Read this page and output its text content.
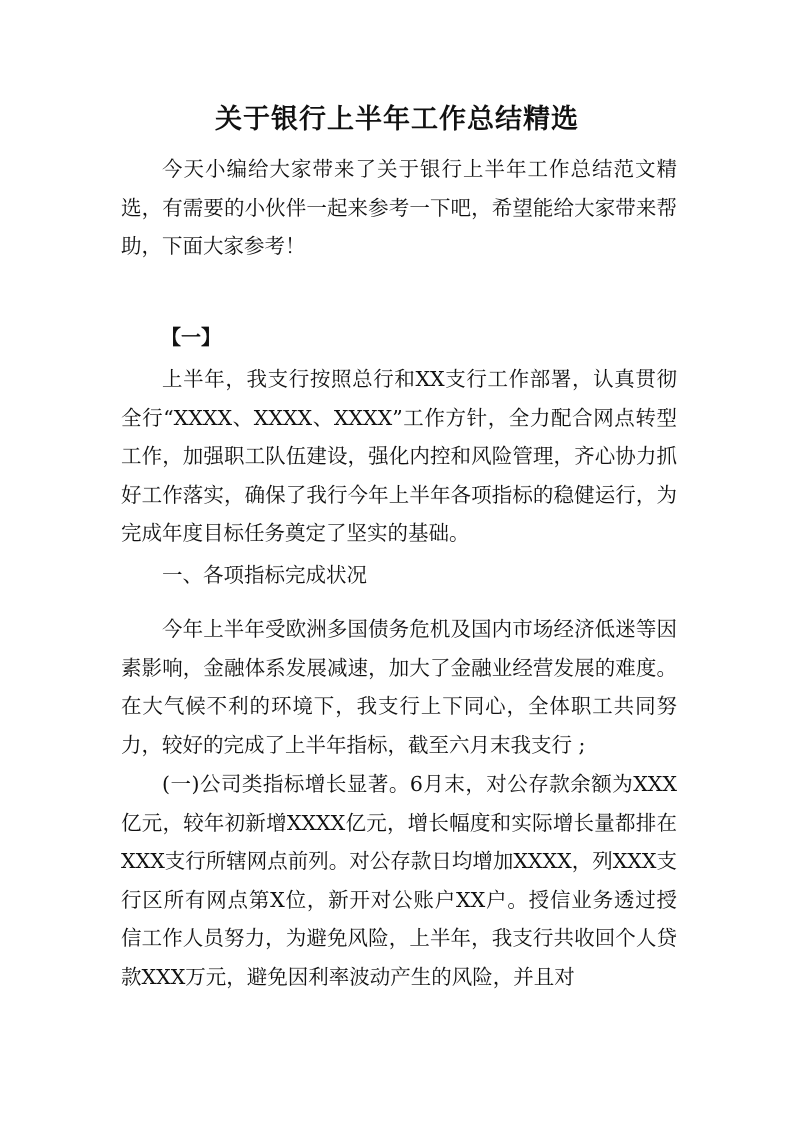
关于银行上半年工作总结精选

今天小编给大家带来了关于银行上半年工作总结范文精选，有需要的小伙伴一起来参考一下吧，希望能给大家带来帮助，下面大家参考！

【一】

上半年，我支行按照总行和XX支行工作部署，认真贯彻全行“XXXX、XXXX、XXXX”工作方针，全力配合网点转型工作，加强职工队伍建设，强化内控和风险管理，齐心协力抓好工作落实，确保了我行今年上半年各项指标的稳健运行，为完成年度目标任务奠定了坚实的基础。

一、各项指标完成状况

今年上半年受欧洲多国债务危机及国内市场经济低迷等因素影响，金融体系发展减速，加大了金融业经营发展的难度。在大气候不利的环境下，我支行上下同心，全体职工共同努力，较好的完成了上半年指标，截至六月末我支行 ;

(一)公司类指标增长显著。6月末，对公存款余额为XXX亿元，较年初新增XXXX亿元，增长幅度和实际增长量都排在XXX支行所辖网点前列。对公存款日均增加XXXX，列XXX支行区所有网点第X位，新开对公账户XX户。授信业务透过授信工作人员努力，为避免风险，上半年，我支行共收回个人贷款XXX万元，避免因利率波动产生的风险，并且对
